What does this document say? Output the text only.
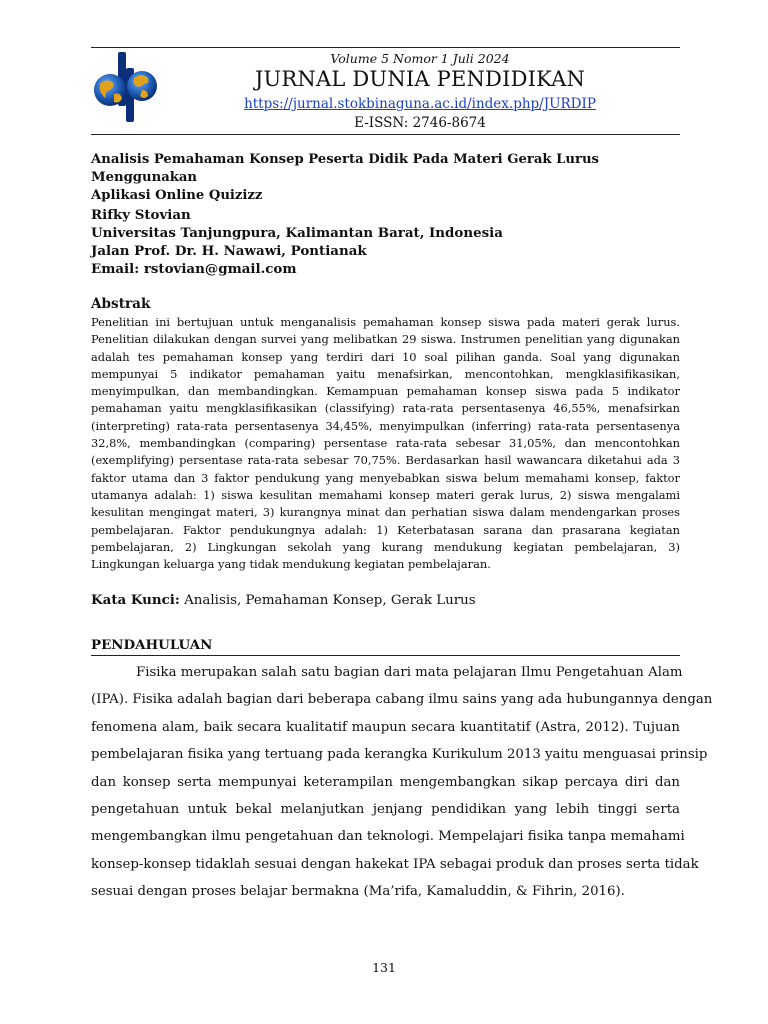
Volume 5 Nomor 1 Juli 2024
JURNAL DUNIA PENDIDIKAN
https://jurnal.stokbinaguna.ac.id/index.php/JURDIP
E-ISSN: 2746-8674
Analisis Pemahaman Konsep Peserta Didik Pada Materi Gerak Lurus Menggunakan
Aplikasi Online Quizizz
Rifky Stovian
Universitas Tanjungpura, Kalimantan Barat, Indonesia
Jalan Prof. Dr. H. Nawawi, Pontianak
Email: rstovian@gmail.com
Abstrak
Penelitian ini bertujuan untuk menganalisis pemahaman konsep siswa pada materi gerak lurus.
Penelitian dilakukan dengan survei yang melibatkan 29 siswa. Instrumen penelitian yang digunakan
adalah tes pemahaman konsep yang terdiri dari 10 soal pilihan ganda. Soal yang digunakan
mempunyai 5 indikator pemahaman yaitu menafsirkan, mencontohkan, mengklasifikasikan,
menyimpulkan, dan membandingkan. Kemampuan pemahaman konsep siswa pada 5 indikator
pemahaman yaitu mengklasifikasikan (classifying) rata-rata persentasenya 46,55%, menafsirkan
(interpreting) rata-rata persentasenya 34,45%, menyimpulkan (inferring) rata-rata persentasenya
32,8%, membandingkan (comparing) persentase rata-rata sebesar 31,05%, dan mencontohkan
(exemplifying) persentase rata-rata sebesar 70,75%. Berdasarkan hasil wawancara diketahui ada 3
faktor utama dan 3 faktor pendukung yang menyebabkan siswa belum memahami konsep, faktor
utamanya adalah: 1) siswa kesulitan memahami konsep materi gerak lurus, 2) siswa mengalami
kesulitan mengingat materi, 3) kurangnya minat dan perhatian siswa dalam mendengarkan proses
pembelajaran. Faktor pendukungnya adalah: 1) Keterbatasan sarana dan prasarana kegiatan
pembelajaran, 2) Lingkungan sekolah yang kurang mendukung kegiatan pembelajaran, 3)
Lingkungan keluarga yang tidak mendukung kegiatan pembelajaran.
Kata Kunci: Analisis, Pemahaman Konsep, Gerak Lurus
PENDAHULUAN
Fisika merupakan salah satu bagian dari mata pelajaran Ilmu Pengetahuan Alam
(IPA). Fisika adalah bagian dari beberapa cabang ilmu sains yang ada hubungannya dengan
fenomena alam, baik secara kualitatif maupun secara kuantitatif (Astra, 2012). Tujuan
pembelajaran fisika yang tertuang pada kerangka Kurikulum 2013 yaitu menguasai prinsip
dan konsep serta mempunyai keterampilan mengembangkan sikap percaya diri dan
pengetahuan untuk bekal melanjutkan jenjang pendidikan yang lebih tinggi serta
mengembangkan ilmu pengetahuan dan teknologi. Mempelajari fisika tanpa memahami
konsep-konsep tidaklah sesuai dengan hakekat IPA sebagai produk dan proses serta tidak
sesuai dengan proses belajar bermakna (Ma’rifa, Kamaluddin, & Fihrin, 2016).
131
